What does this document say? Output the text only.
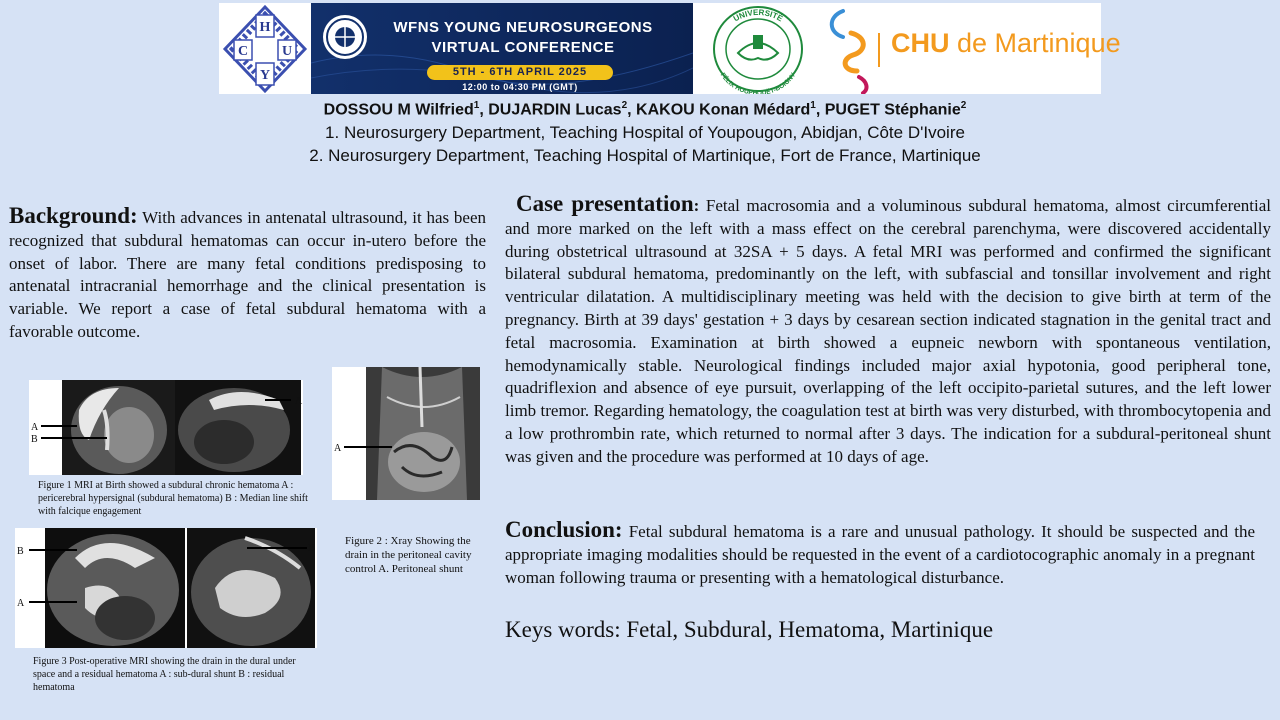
H
C U
Y
WFNS YOUNG NEUROSURGEONS
VIRTUAL CONFERENCE
5TH - 6TH APRIL 2025
12:00 to 04:30 PM (GMT)
UNIVERSITÉ
FÉLIX HOUPHOUËT-BOIGNY
CHU de Martinique
DOSSOU M Wilfried$^1$, DUJARDIN Lucas$^2$, KAKOU Konan Médard$^1$, PUGET Stéphanie$^2$
1. Neurosurgery Department, Teaching Hospital of Youpougon, Abidjan, Côte D'Ivoire
2. Neurosurgery Department, Teaching Hospital of Martinique, Fort de France, Martinique
Background: With advances in antenatal ultrasound, it has been recognized that subdural hematomas can occur in-utero before the onset of labor. There are many fetal conditions predisposing to antenatal intracranial hemorrhage and the clinical presentation is variable. We report a case of fetal subdural hematoma with a favorable outcome.
Case presentation: Fetal macrosomia and a voluminous subdural hematoma, almost circumferential and more marked on the left with a mass effect on the cerebral parenchyma, were discovered accidentally during obstetrical ultrasound at 32SA + 5 days. A fetal MRI was performed and confirmed the significant bilateral subdural hematoma, predominantly on the left, with subfascial and tonsillar involvement and right ventricular dilatation. A multidisciplinary meeting was held with the decision to give birth at term of the pregnancy. Birth at 39 days' gestation + 3 days by cesarean section indicated stagnation in the genital tract and fetal macrosomia. Examination at birth showed a eupneic newborn with spontaneous ventilation, hemodynamically stable. Neurological findings included major axial hypotonia, good peripheral tone, quadriflexion and absence of eye pursuit, overlapping of the left occipito-parietal sutures, and the left lower limb tremor. Regarding hematology, the coagulation test at birth was very disturbed, with thrombocytopenia and a low prothrombin rate, which returned to normal after 3 days. The indication for a subdural-peritoneal shunt was given and the procedure was performed at 10 days of age.
Conclusion: Fetal subdural hematoma is a rare and unusual pathology. It should be suspected and the appropriate imaging modalities should be requested in the event of a cardiotocographic anomaly in a pregnant woman following trauma or presenting with a hematological disturbance.
Keys words: Fetal, Subdural, Hematoma, Martinique
A
B
A
Figure 1 MRI at Birth showed a subdural chronic hematoma A : pericerebral hypersignal (subdural hematoma) B : Median line shift with falcique engagement
A
Figure 2 : Xray Showing the drain in the peritoneal cavity control A. Peritoneal shunt
B
A
B
Figure 3 Post-operative MRI showing the drain in the dural under space and a residual hematoma A : sub-dural shunt B : residual hematoma
